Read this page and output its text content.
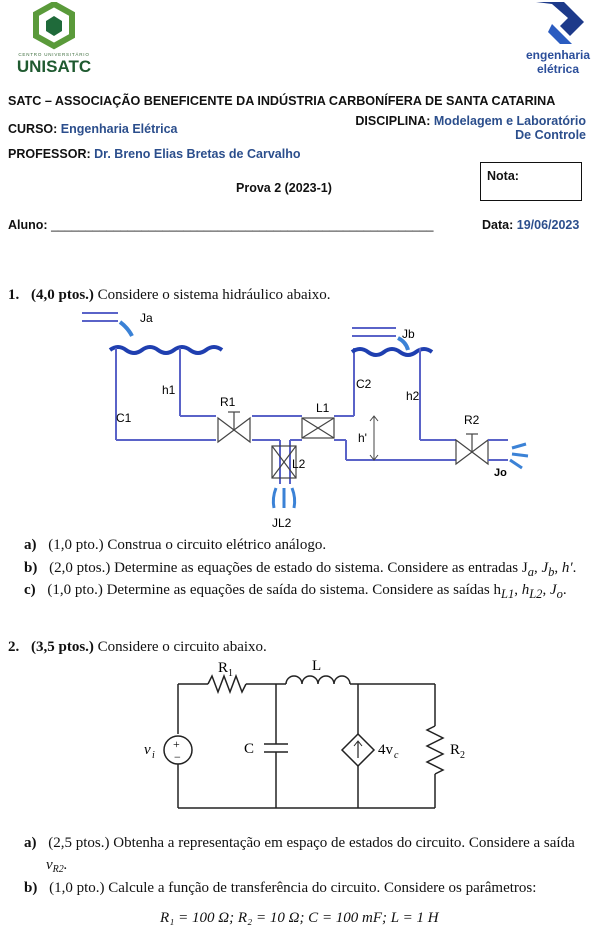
CENTRO UNIVERSITÁRIO
UNISATC
engenharia
elétrica
SATC – ASSOCIAÇÃO BENEFICENTE DA INDÚSTRIA CARBONÍFERA DE SANTA CATARINA
CURSO: Engenharia Elétrica
DISCIPLINA: Modelagem e Laboratório
De Controle
PROFESSOR: Dr. Breno Elias Bretas de Carvalho
Nota:
Prova 2 (2023-1)
Aluno: _______________________________________________________	Data: 19/06/2023
1. (4,0 ptos.) Considere o sistema hidráulico abaixo.
Ja
h1
C1
R1
L2
JL2
L1
h'
Jb
C2
h2
R2
Jo
a) (1,0 pto.) Construa o circuito elétrico análogo.
b) (2,0 ptos.) Determine as equações de estado do sistema. Considere as entradas $J_a$, $J_b$, h′.
c) (1,0 pto.) Determine as equações de saída do sistema. Considere as saídas $h_{L1}$, $h_{L2}$, $J_o$.
2. (3,5 ptos.) Considere o circuito abaixo.
R 1	L
+
−
v i	C	4v c	R 2
a) (2,5 ptos.) Obtenha a representação em espaço de estados do circuito. Considere a saída
$v_{R2}$.
b) (1,0 pto.) Calcule a função de transferência do circuito. Considere os parâmetros:
R₁ = 100 Ω; R₂ = 10 Ω; C = 100 mF; L = 1 H
